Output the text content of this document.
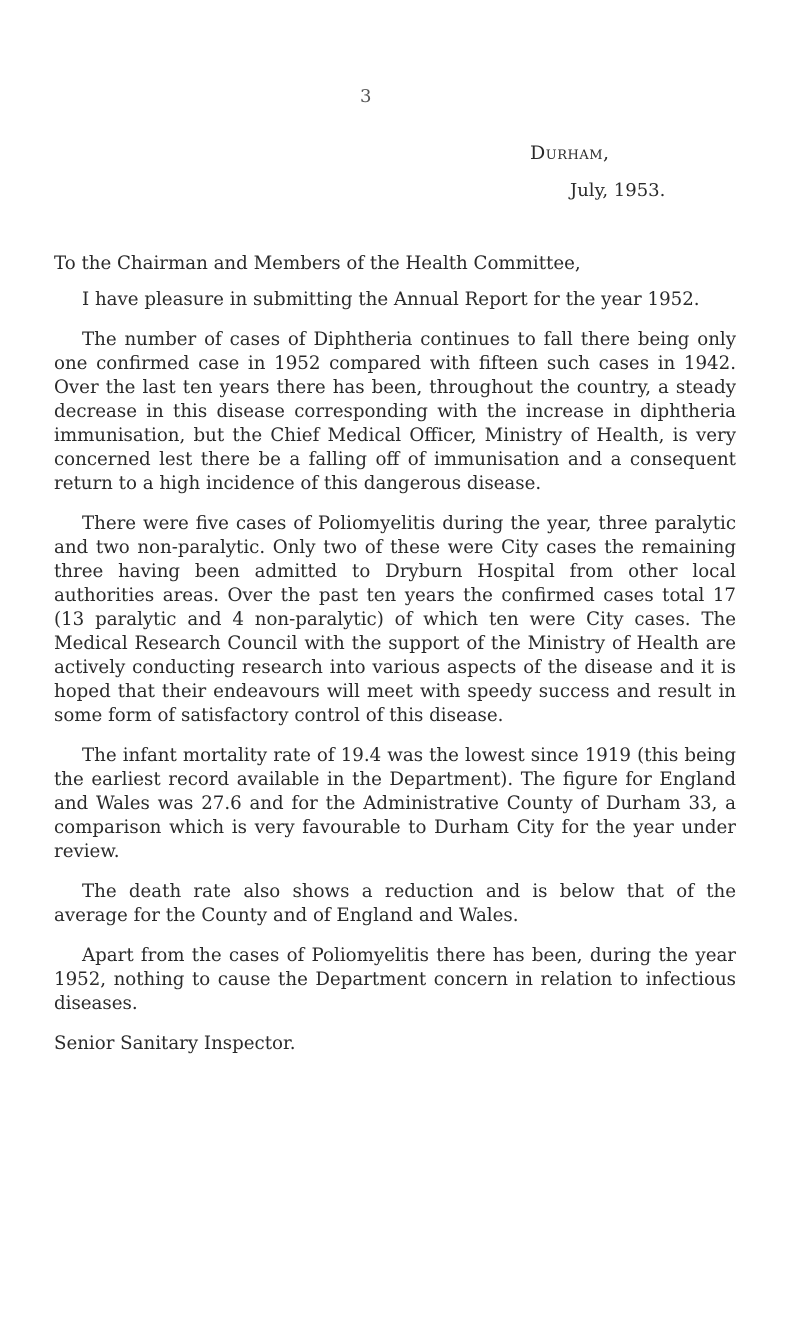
3
Durham,
July, 1953.

To the Chairman and Members of the Health Committee,

I have pleasure in submitting the Annual Report for the year 1952.

The number of cases of Diphtheria continues to fall there being only one confirmed case in 1952 compared with fifteen such cases in 1942. Over the last ten years there has been, throughout the country, a steady decrease in this disease corresponding with the increase in diphtheria immunisation, but the Chief Medical Officer, Ministry of Health, is very concerned lest there be a falling off of immunisation and a consequent return to a high incidence of this dangerous disease.

There were five cases of Poliomyelitis during the year, three paralytic and two non-paralytic. Only two of these were City cases the remaining three having been admitted to Dryburn Hospital from other local authorities areas. Over the past ten years the confirmed cases total 17 (13 paralytic and 4 non-paralytic) of which ten were City cases. The Medical Research Council with the support of the Ministry of Health are actively conducting research into various aspects of the disease and it is hoped that their endeavours will meet with speedy success and result in some form of satisfactory control of this disease.

The infant mortality rate of 19.4 was the lowest since 1919 (this being the earliest record available in the Department). The figure for England and Wales was 27.6 and for the Administrative County of Durham 33, a comparison which is very favourable to Durham City for the year under review.

The death rate also shows a reduction and is below that of the average for the County and of England and Wales.

Apart from the cases of Poliomyelitis there has been, during the year 1952, nothing to cause the Department concern in relation to infectious diseases.

Senior Sanitary Inspector.
